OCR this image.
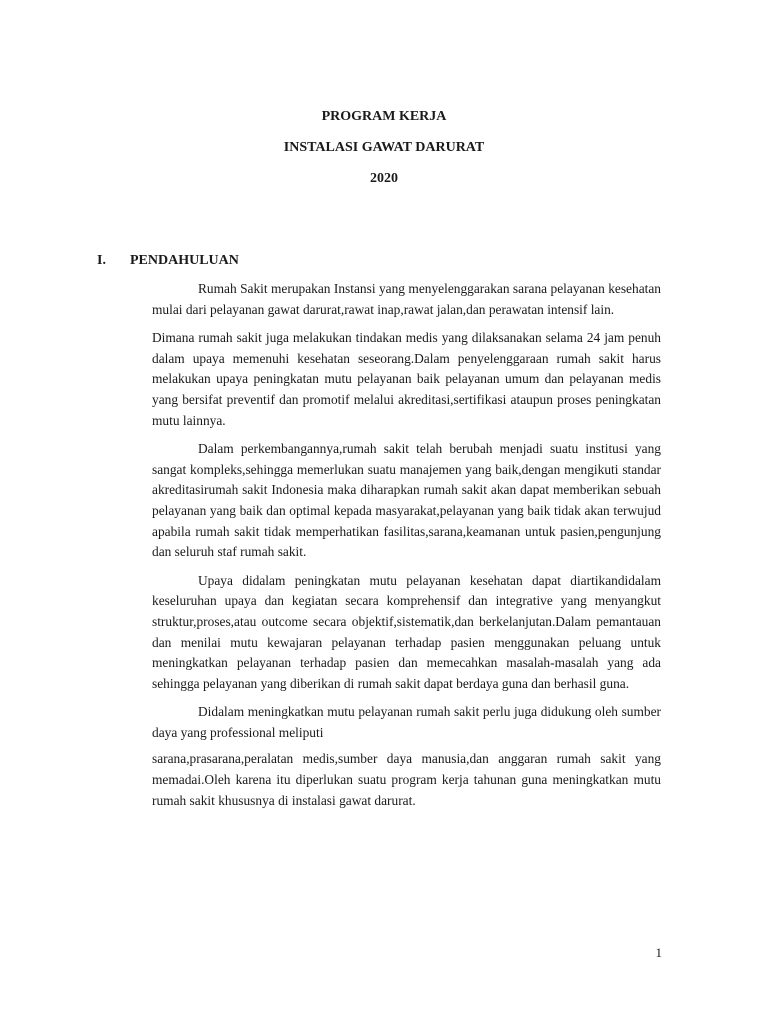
PROGRAM KERJA
INSTALASI GAWAT DARURAT
2020
I. PENDAHULUAN

Rumah Sakit merupakan Instansi yang menyelenggarakan sarana pelayanan kesehatan mulai dari pelayanan gawat darurat,rawat inap,rawat jalan,dan perawatan intensif lain.

Dimana rumah sakit juga melakukan tindakan medis yang dilaksanakan selama 24 jam penuh dalam upaya memenuhi kesehatan seseorang.Dalam penyelenggaraan rumah sakit harus melakukan upaya peningkatan mutu pelayanan baik pelayanan umum dan pelayanan medis yang bersifat preventif dan promotif melalui akreditasi,sertifikasi ataupun proses peningkatan mutu lainnya.

Dalam perkembangannya,rumah sakit telah berubah menjadi suatu institusi yang sangat kompleks,sehingga memerlukan suatu manajemen yang baik,dengan mengikuti standar akreditasirumah sakit Indonesia maka diharapkan rumah sakit akan dapat memberikan sebuah pelayanan yang baik dan optimal kepada masyarakat,pelayanan yang baik tidak akan terwujud apabila rumah sakit tidak memperhatikan fasilitas,sarana,keamanan untuk pasien,pengunjung dan seluruh staf rumah sakit.

Upaya didalam peningkatan mutu pelayanan kesehatan dapat diartikandidalam keseluruhan upaya dan kegiatan secara komprehensif dan integrative yang menyangkut struktur,proses,atau outcome secara objektif,sistematik,dan berkelanjutan.Dalam pemantauan dan menilai mutu kewajaran pelayanan terhadap pasien menggunakan peluang untuk meningkatkan pelayanan terhadap pasien dan memecahkan masalah-masalah yang ada sehingga pelayanan yang diberikan di rumah sakit dapat berdaya guna dan berhasil guna.

Didalam meningkatkan mutu pelayanan rumah sakit perlu juga didukung oleh sumber daya yang professional meliputi

sarana,prasarana,peralatan medis,sumber daya manusia,dan anggaran rumah sakit yang memadai.Oleh karena itu diperlukan suatu program kerja tahunan guna meningkatkan mutu rumah sakit khususnya di instalasi gawat darurat.

1
